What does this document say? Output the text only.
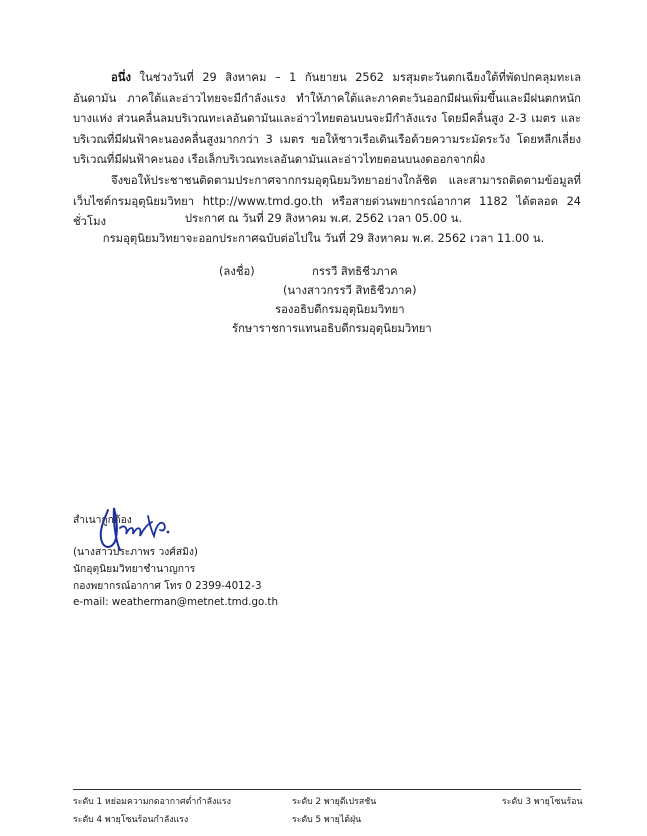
อนึ่ง ในช่วงวันที่ 29 สิงหาคม – 1 กันยายน 2562 มรสุมตะวันตกเฉียงใต้ที่พัดปกคลุมทะเลอันดามัน ภาคใต้และอ่าวไทยจะมีกำลังแรง ทำให้ภาคใต้และภาคตะวันออกมีฝนเพิ่มขึ้นและมีฝนตกหนักบางแห่ง ส่วนคลื่นลมบริเวณทะเลอันดามันและอ่าวไทยตอนบนจะมีกำลังแรง โดยมีคลื่นสูง 2-3 เมตร และบริเวณที่มีฝนฟ้าคะนองคลื่นสูงมากกว่า 3 เมตร ขอให้ชาวเรือเดินเรือด้วยความระมัดระวัง โดยหลีกเลี่ยงบริเวณที่มีฝนฟ้าคะนอง เรือเล็กบริเวณทะเลอันดามันและอ่าวไทยตอนบนงดออกจากฝั่ง
จึงขอให้ประชาชนติดตามประกาศจากกรมอุตุนิยมวิทยาอย่างใกล้ชิด และสามารถติดตามข้อมูลที่เว็บไซต์กรมอุตุนิยมวิทยา http://www.tmd.go.th หรือสายด่วนพยากรณ์อากาศ 1182 ได้ตลอด 24 ชั่วโมง	ประกาศ ณ วันที่ 29 สิงหาคม พ.ศ. 2562 เวลา 05.00 น.
กรมอุตุนิยมวิทยาจะออกประกาศฉบับต่อไปใน วันที่ 29 สิงหาคม พ.ศ. 2562 เวลา 11.00 น.
(ลงชื่อ)	กรรวี สิทธิชีวภาค
(นางสาวกรรวี สิทธิชีวภาค)
รองอธิบดีกรมอุตุนิยมวิทยา
รักษาราชการแทนอธิบดีกรมอุตุนิยมวิทยา
สำเนาถูกต้อง
(นางสาวประภาพร วงศ์สมิง)
นักอุตุนิยมวิทยาชำนาญการ
กองพยากรณ์อากาศ โทร 0 2399-4012-3
e-mail: weatherman@metnet.tmd.go.th
ระดับ 1 หย่อมความกดอากาศต่ำกำลังแรง	ระดับ 2 พายุดีเปรสชัน	ระดับ 3 พายุโซนร้อน
ระดับ 4 พายุโซนร้อนกำลังแรง	ระดับ 5 พายุไต้ฝุ่น
